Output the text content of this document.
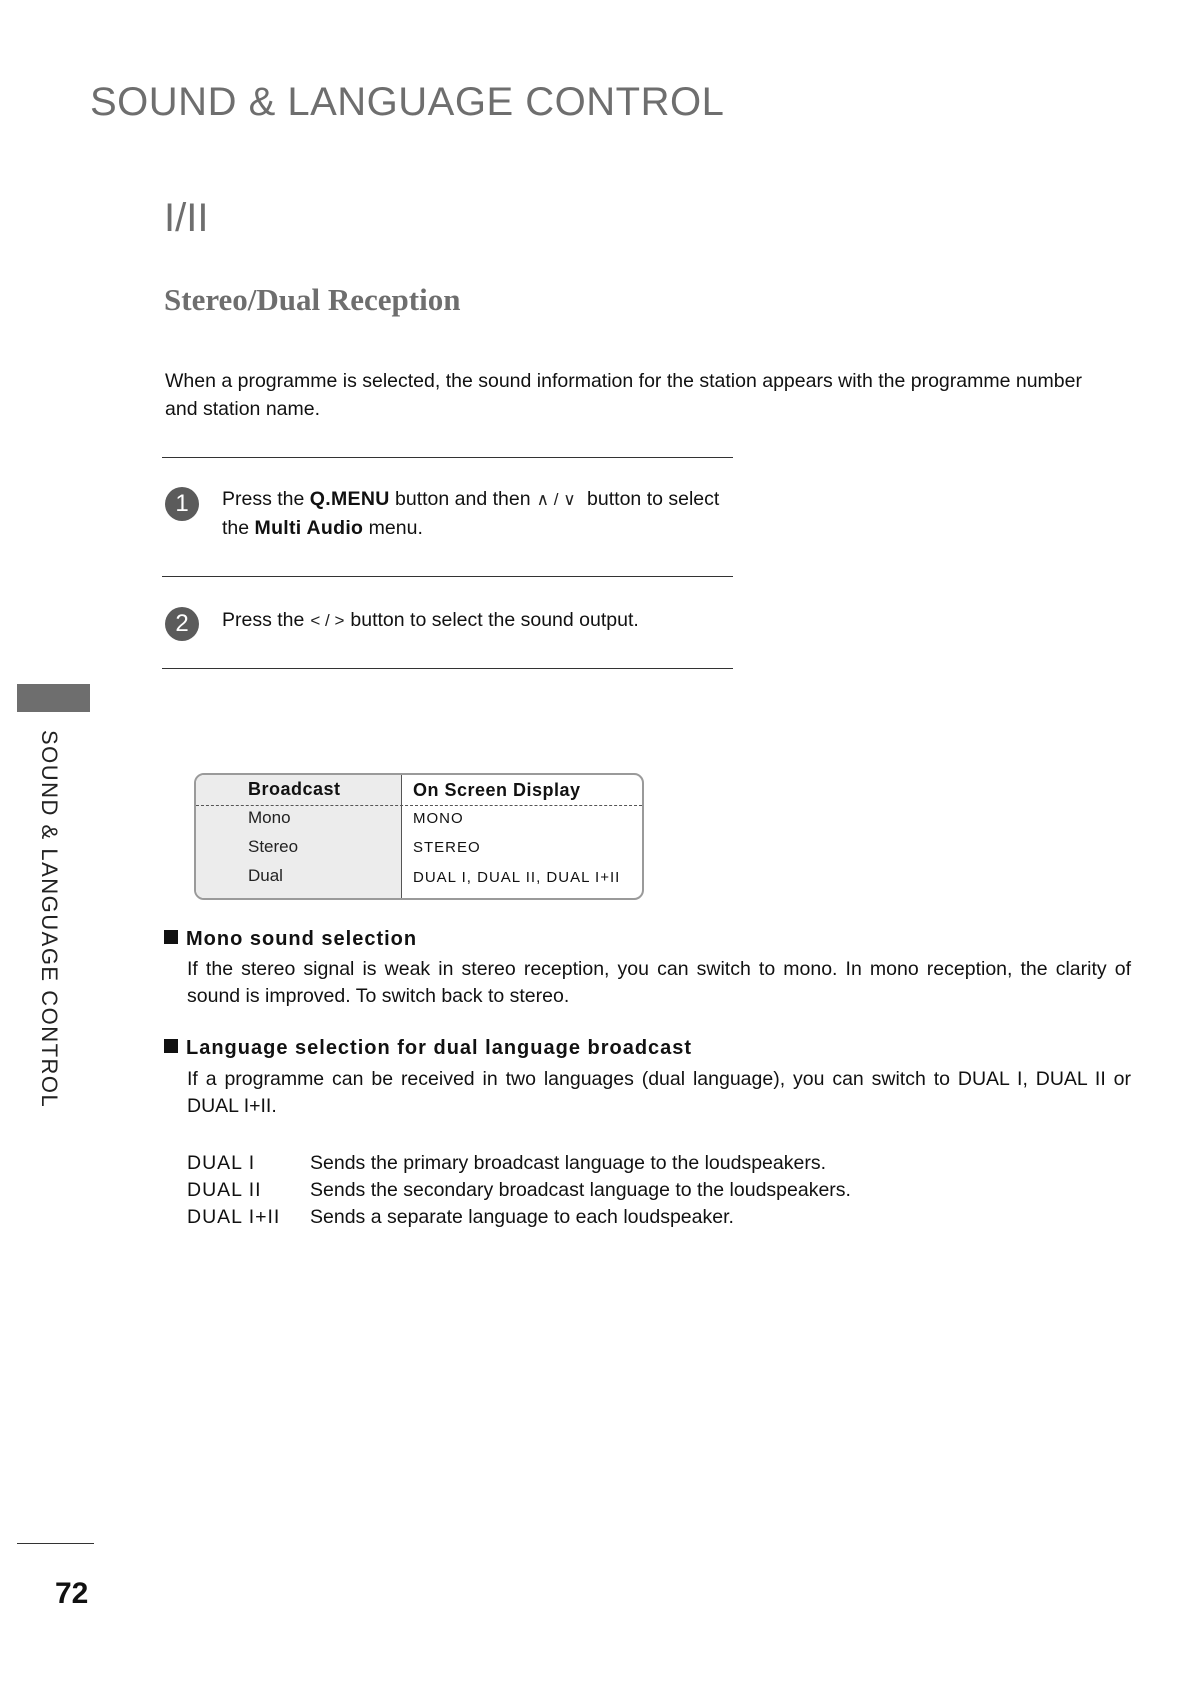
SOUND & LANGUAGE CONTROL
I/II
Stereo/Dual Reception
When a programme is selected, the sound information for the station appears with the programme number and station name.
1	Press the Q.MENU button and then ∧ / ∨ button to select the Multi Audio menu.
2	Press the < / > button to select the sound output.
Broadcast	On Screen Display
Mono	MONO
Stereo	STEREO
Dual	DUAL I, DUAL II, DUAL I+II
Mono sound selection
If the stereo signal is weak in stereo reception, you can switch to mono. In mono reception, the clarity of sound is improved. To switch back to stereo.
Language selection for dual language broadcast
If a programme can be received in two languages (dual language), you can switch to DUAL I, DUAL II or DUAL I+II.
DUAL I	Sends the primary broadcast language to the loudspeakers.
DUAL II Sends the secondary broadcast language to the loudspeakers.
DUAL I+II Sends a separate language to each loudspeaker.
SOUND & LANGUAGE CONTROL
72
